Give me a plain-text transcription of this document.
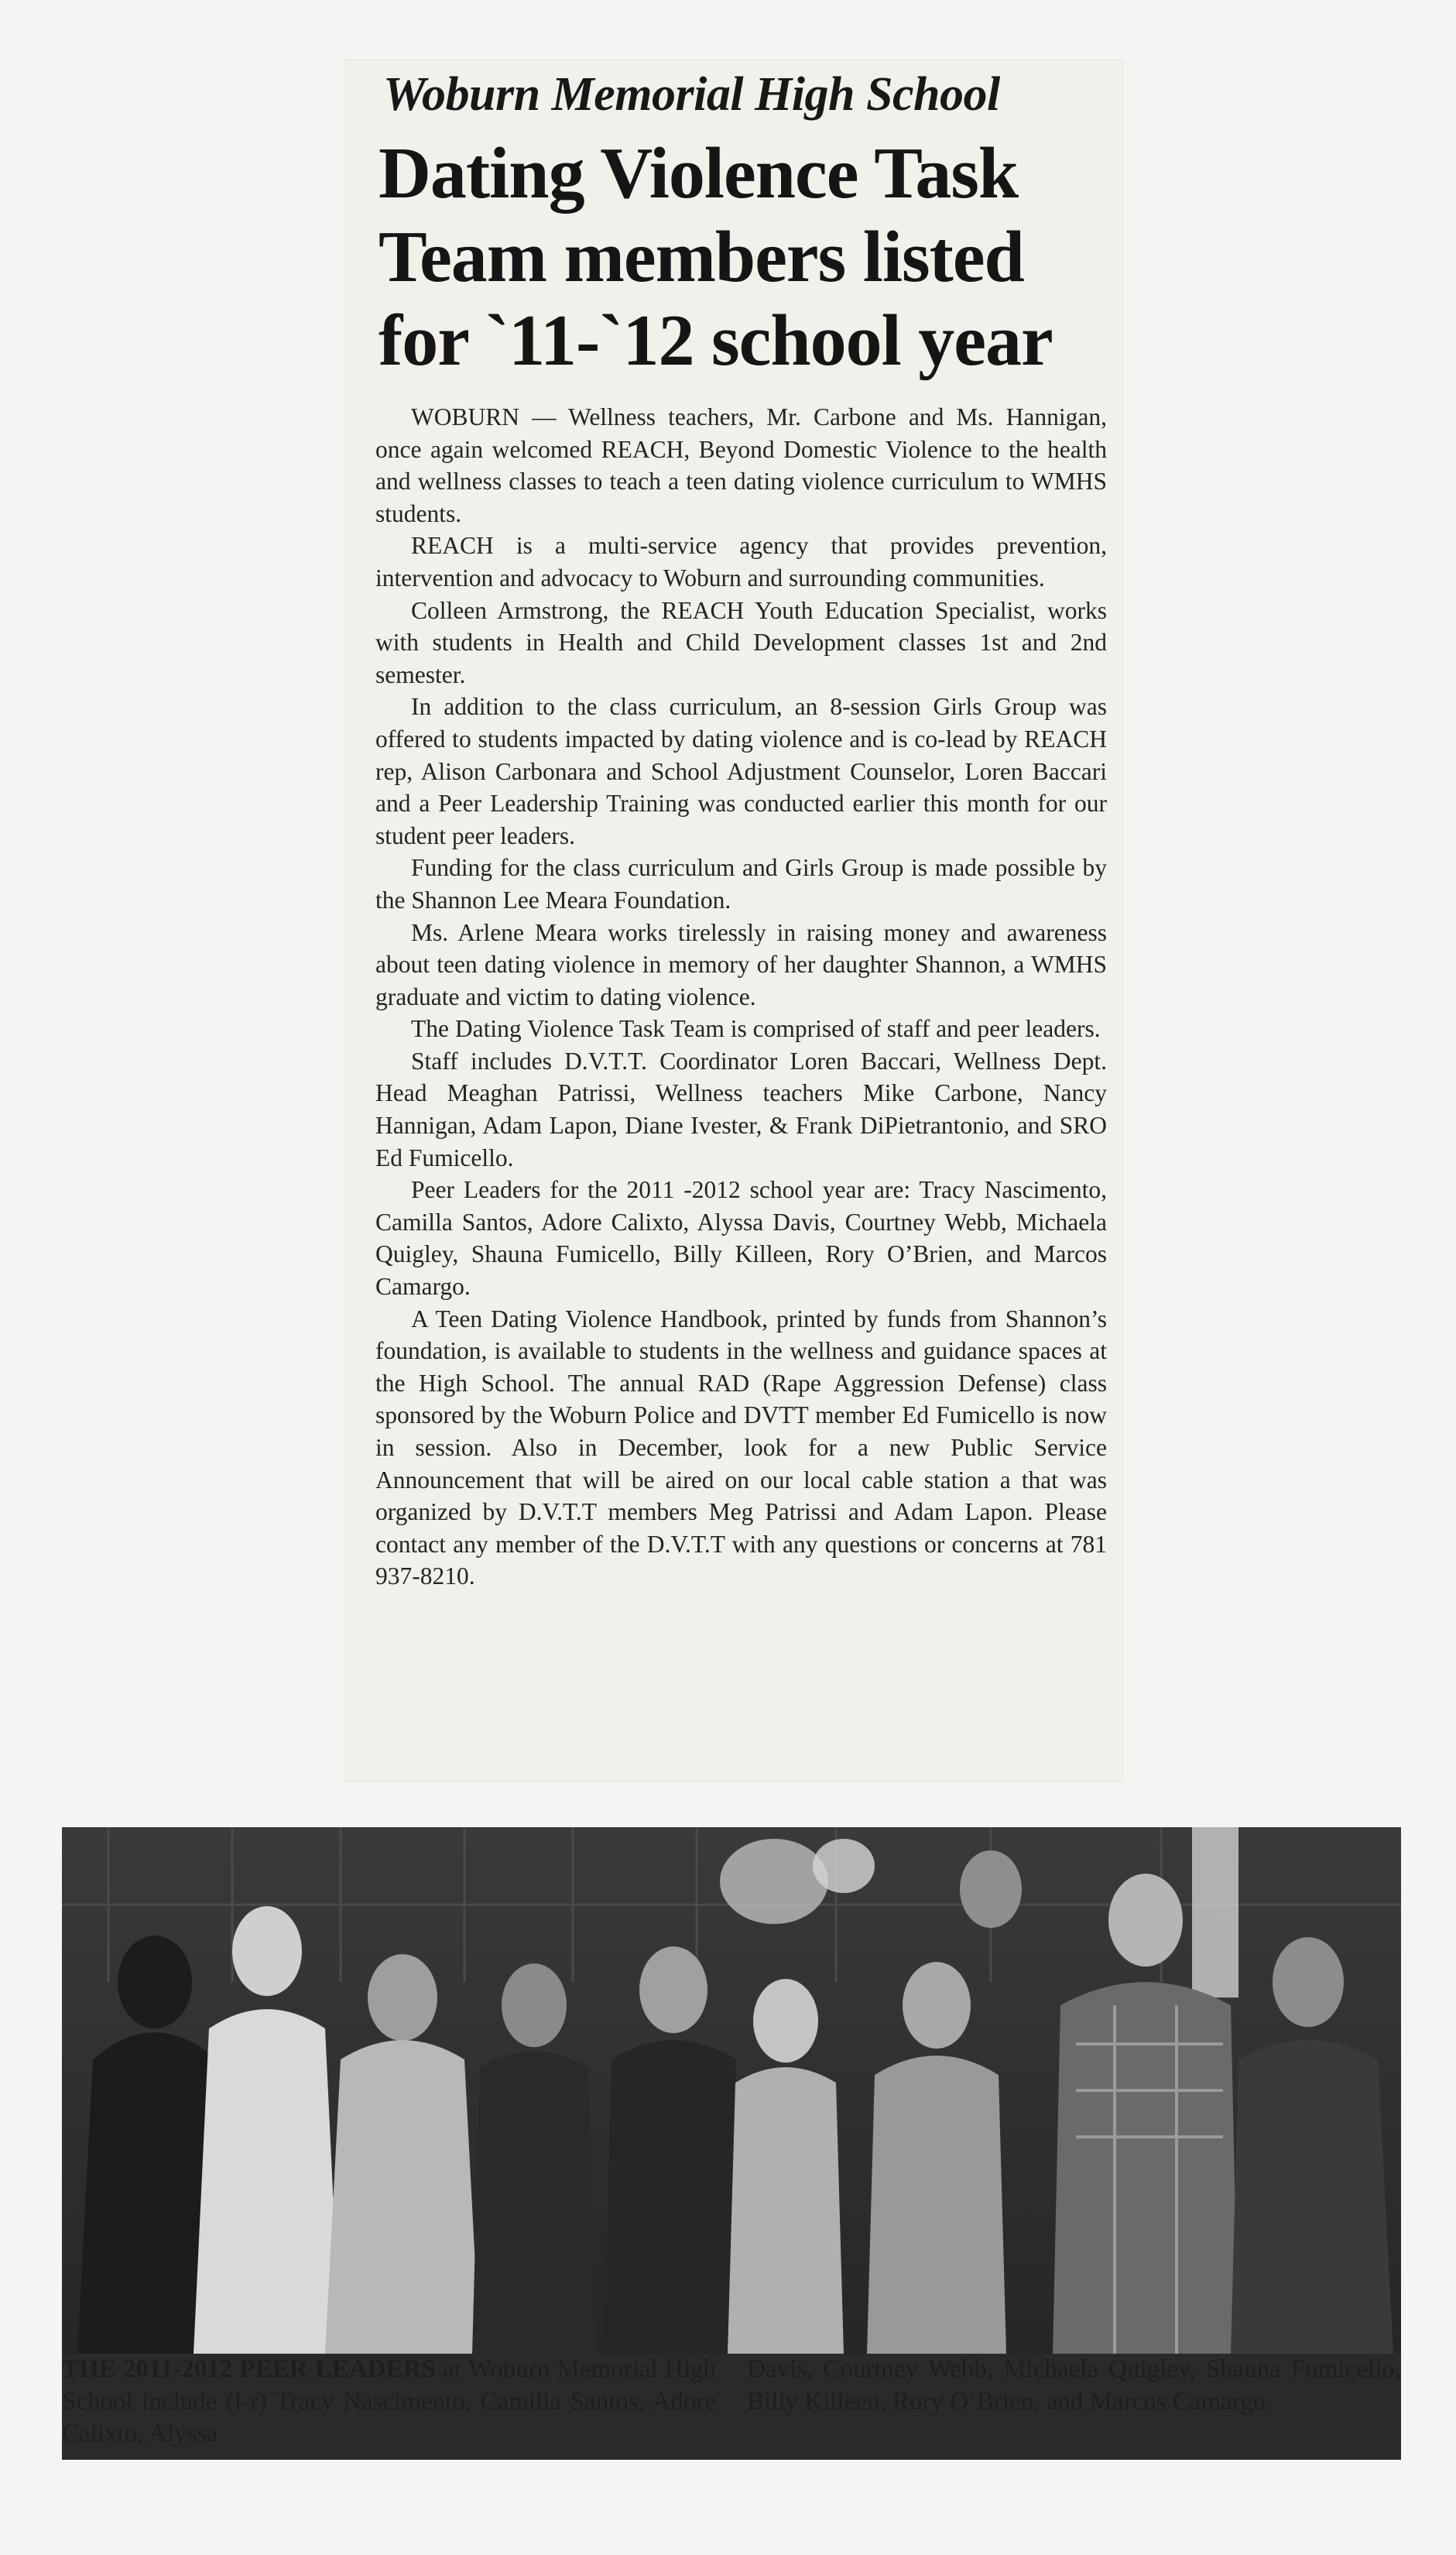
Woburn Memorial High School
Dating Violence Task Team members listed for `11-`12 school year

WOBURN — Wellness teachers, Mr. Carbone and Ms. Hannigan, once again welcomed REACH, Beyond Domestic Violence to the health and wellness classes to teach a teen dating violence curriculum to WMHS students.

REACH is a multi-service agency that provides prevention, intervention and advocacy to Woburn and surrounding communities.

Colleen Armstrong, the REACH Youth Education Specialist, works with students in Health and Child Development classes 1st and 2nd semester.

In addition to the class curriculum, an 8-session Girls Group was offered to students impacted by dating violence and is co-lead by REACH rep, Alison Carbonara and School Adjustment Counselor, Loren Baccari and a Peer Leadership Training was conducted earlier this month for our student peer leaders.

Funding for the class curriculum and Girls Group is made possible by the Shannon Lee Meara Foundation.

Ms. Arlene Meara works tirelessly in raising money and awareness about teen dating violence in memory of her daughter Shannon, a WMHS graduate and victim to dating violence.

The Dating Violence Task Team is comprised of staff and peer leaders.

Staff includes D.V.T.T. Coordinator Loren Baccari, Wellness Dept. Head Meaghan Patrissi, Wellness teachers Mike Carbone, Nancy Hannigan, Adam Lapon, Diane Ivester, & Frank DiPietrantonio, and SRO Ed Fumicello.

Peer Leaders for the 2011 -2012 school year are: Tracy Nascimento, Camilla Santos, Adore Calixto, Alyssa Davis, Courtney Webb, Michaela Quigley, Shauna Fumicello, Billy Killeen, Rory O’Brien, and Marcos Camargo.

A Teen Dating Violence Handbook, printed by funds from Shannon’s foundation, is available to students in the wellness and guidance spaces at the High School. The annual RAD (Rape Aggression Defense) class sponsored by the Woburn Police and DVTT member Ed Fumicello is now in session. Also in December, look for a new Public Service Announcement that will be aired on our local cable station a that was organized by D.V.T.T members Meg Patrissi and Adam Lapon. Please contact any member of the D.V.T.T with any questions or concerns at 781 937-8210.

THE 2011-2012 PEER LEADERS at Woburn Memorial High School include (l-r) Tracy Nascimento, Camilla Santos, Adore Calixto, Alyssa
Davis, Courtney Webb, Michaela Quigley, Shauna Fumicello, Billy Killeen, Rory O’Brien, and Marcos Camargo.
